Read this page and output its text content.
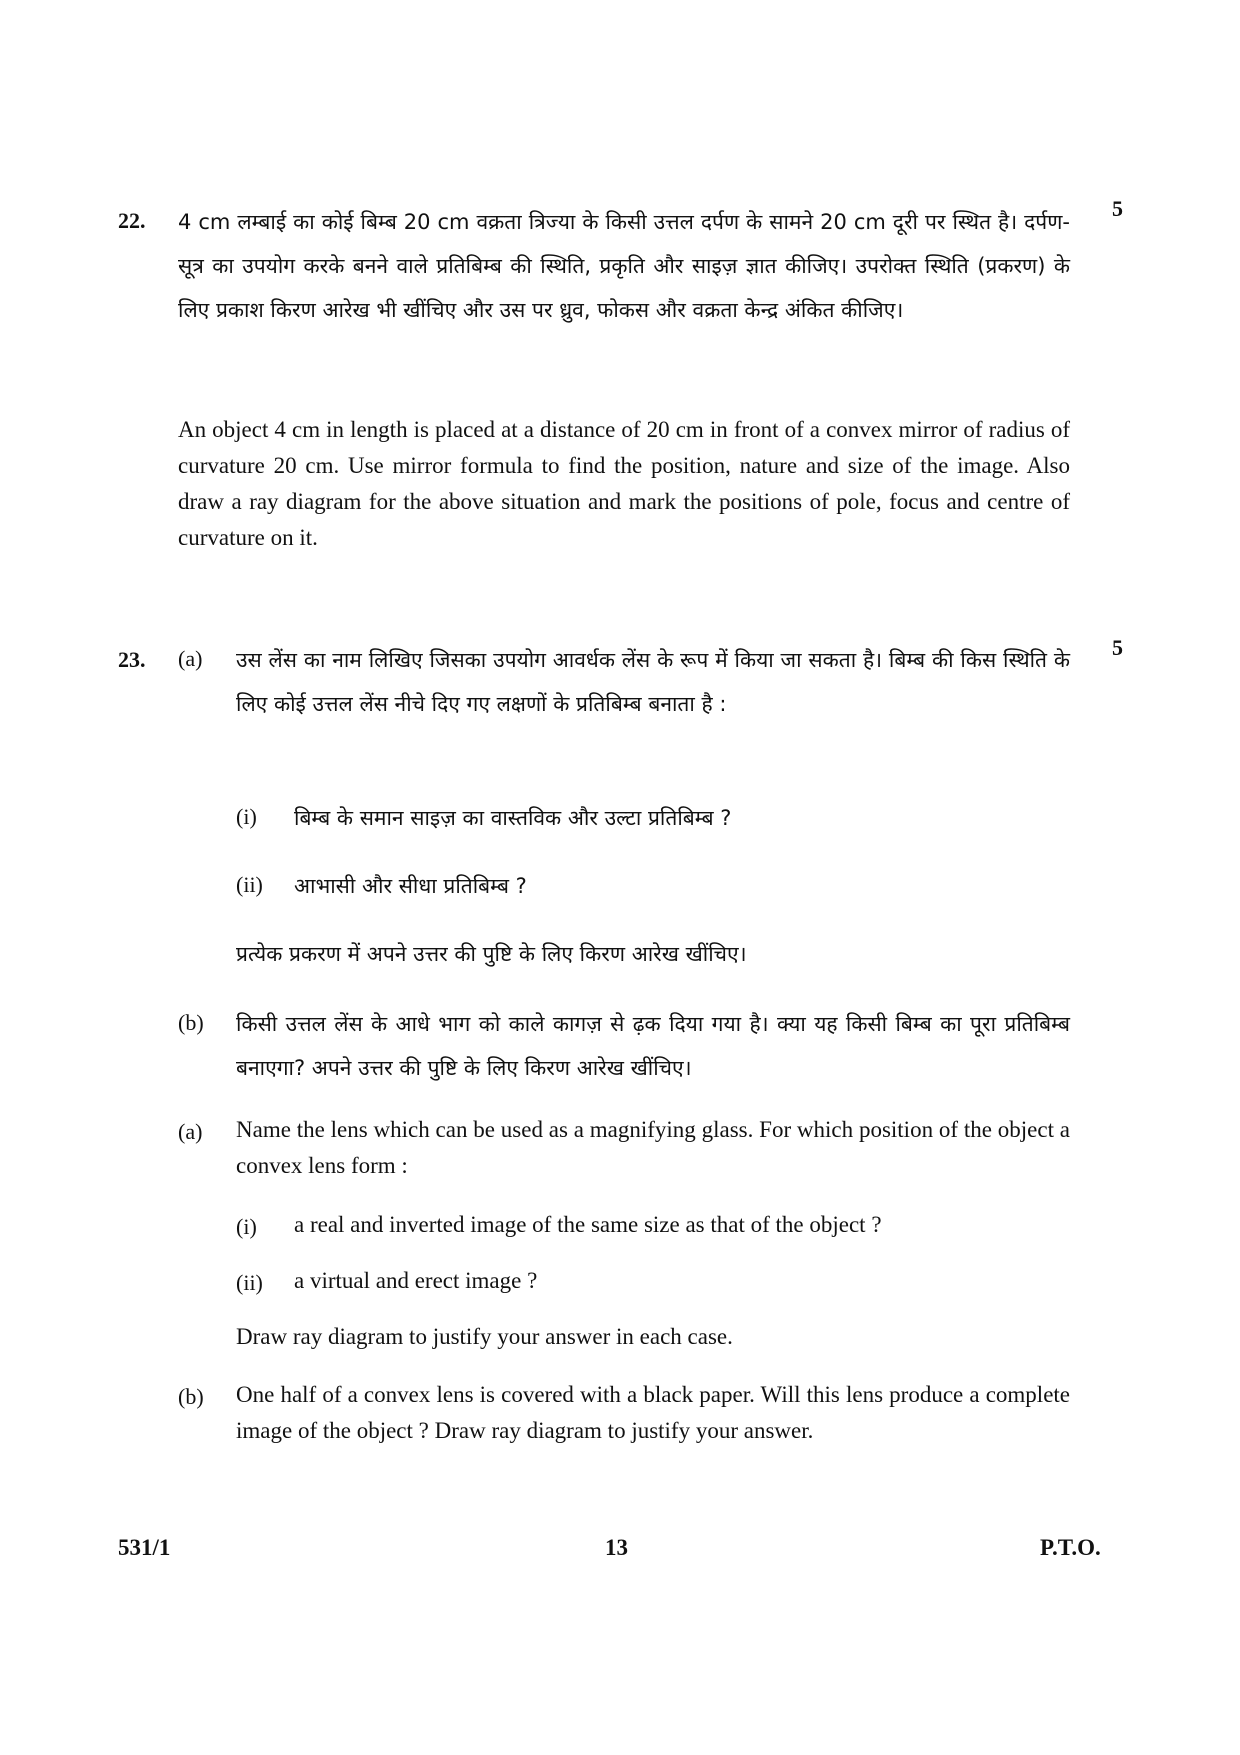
22.	5
4 cm लम्बाई का कोई बिम्ब 20 cm वक्रता त्रिज्या के किसी उत्तल दर्पण के सामने 20 cm दूरी पर स्थित है। दर्पण-सूत्र का उपयोग करके बनने वाले प्रतिबिम्ब की स्थिति, प्रकृति और साइज़ ज्ञात कीजिए। उपरोक्त स्थिति (प्रकरण) के लिए प्रकाश किरण आरेख भी खींचिए और उस पर ध्रुव, फोकस और वक्रता केन्द्र अंकित कीजिए।
An object 4 cm in length is placed at a distance of 20 cm in front of a convex mirror of radius of curvature 20 cm. Use mirror formula to find the position, nature and size of the image. Also draw a ray diagram for the above situation and mark the positions of pole, focus and centre of curvature on it.
23.	5
(a) उस लेंस का नाम लिखिए जिसका उपयोग आवर्धक लेंस के रूप में किया जा सकता है। बिम्ब की किस स्थिति के लिए कोई उत्तल लेंस नीचे दिए गए लक्षणों के प्रतिबिम्ब बनाता है :
(i) बिम्ब के समान साइज़ का वास्तविक और उल्टा प्रतिबिम्ब ?
(ii) आभासी और सीधा प्रतिबिम्ब ?
प्रत्येक प्रकरण में अपने उत्तर की पुष्टि के लिए किरण आरेख खींचिए।
(b) किसी उत्तल लेंस के आधे भाग को काले कागज़ से ढ़क दिया गया है। क्या यह किसी बिम्ब का पूरा प्रतिबिम्ब बनाएगा? अपने उत्तर की पुष्टि के लिए किरण आरेख खींचिए।
(a) Name the lens which can be used as a magnifying glass. For which position of the object a convex lens form :
(i) a real and inverted image of the same size as that of the object ?
(ii) a virtual and erect image ?
Draw ray diagram to justify your answer in each case.
(b) One half of a convex lens is covered with a black paper. Will this lens produce a complete image of the object ? Draw ray diagram to justify your answer.
531/1	13	P.T.O.
